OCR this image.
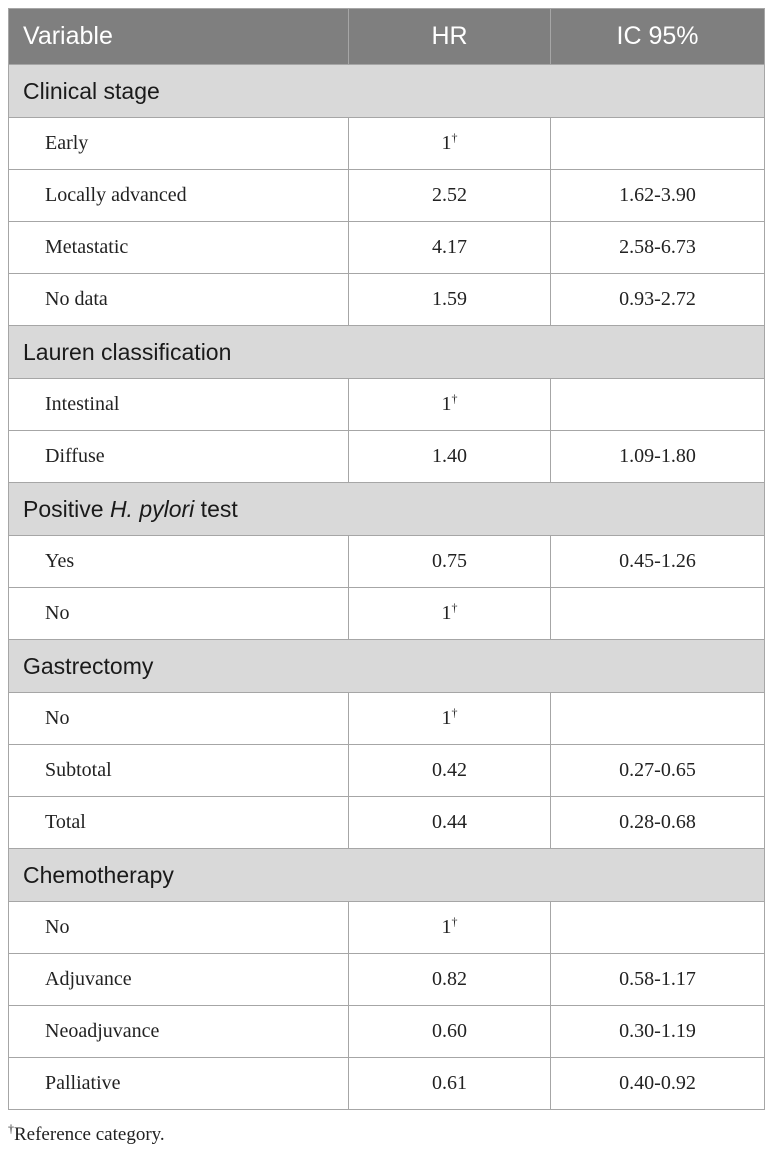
Variable	HR	IC 95%
Clinical stage		
Early	1†	
Locally advanced	2.52	1.62-3.90
Metastatic	4.17	2.58-6.73
No data	1.59	0.93-2.72
Lauren classification		
Intestinal	1†	
Diffuse	1.40	1.09-1.80
Positive H. pylori test		
Yes	0.75	0.45-1.26
No	1†	
Gastrectomy		
No	1†	
Subtotal	0.42	0.27-0.65
Total	0.44	0.28-0.68
Chemotherapy		
No	1†	
Adjuvance	0.82	0.58-1.17
Neoadjuvance	0.60	0.30-1.19
Palliative	0.61	0.40-0.92
†Reference category.
